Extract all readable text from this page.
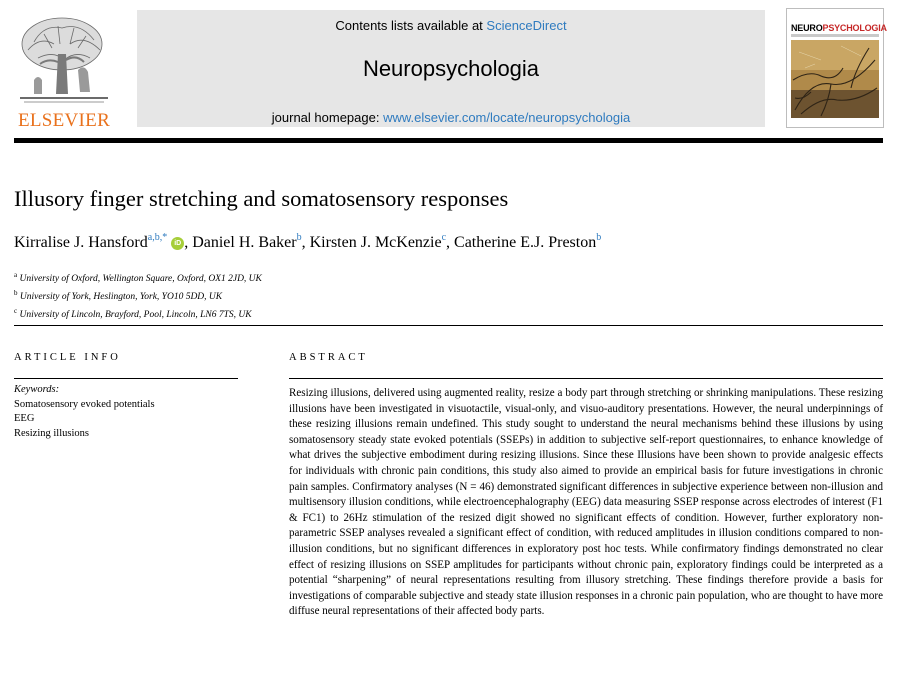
ELSEVIER
Contents lists available at ScienceDirect
Neuropsychologia
journal homepage: www.elsevier.com/locate/neuropsychologia
NEUROPSYCHOLOGIA
Illusory finger stretching and somatosensory responses
Kirralise J. Hansford$^{a,b,*}$ iD , Daniel H. Baker$^b$, Kirsten J. McKenzie$^c$, Catherine E.J. Preston$^b$
$^a$ University of Oxford, Wellington Square, Oxford, OX1 2JD, UK
$^b$ University of York, Heslington, York, YO10 5DD, UK
$^c$ University of Lincoln, Brayford, Pool, Lincoln, LN6 7TS, UK
ARTICLE INFO
Keywords:
Somatosensory evoked potentials
EEG
Resizing illusions
ABSTRACT
Resizing illusions, delivered using augmented reality, resize a body part through stretching or shrinking manipulations. These resizing illusions have been investigated in visuotactile, visual-only, and visuo-auditory presentations. However, the neural underpinnings of these resizing illusions remain undefined. This study sought to understand the neural mechanisms behind these illusions by using somatosensory steady state evoked potentials (SSEPs) in addition to subjective self-report questionnaires, to enhance knowledge of what drives the subjective embodiment during resizing illusions. Since these Illusions have been shown to provide analgesic effects for individuals with chronic pain conditions, this study also aimed to provide an empirical basis for future investigations in chronic pain samples. Confirmatory analyses (N = 46) demonstrated significant differences in subjective experience between non-illusion and multisensory illusion conditions, while electroencephalography (EEG) data measuring SSEP response across electrodes of interest (F1 & FC1) to 26Hz stimulation of the resized digit showed no significant effects of condition. However, further exploratory non-parametric SSEP analyses revealed a significant effect of condition, with reduced amplitudes in illusion conditions compared to non-illusion conditions, but no significant differences in exploratory post hoc tests. While confirmatory findings demonstrated no clear effect of resizing illusions on SSEP amplitudes for participants without chronic pain, exploratory findings could be interpreted as a potential “sharpening” of neural representations resulting from illusory stretching. These findings therefore provide a basis for investigations of comparable subjective and steady state illusion responses in a chronic pain population, who are thought to have more diffuse neural representations of their affected body parts.
